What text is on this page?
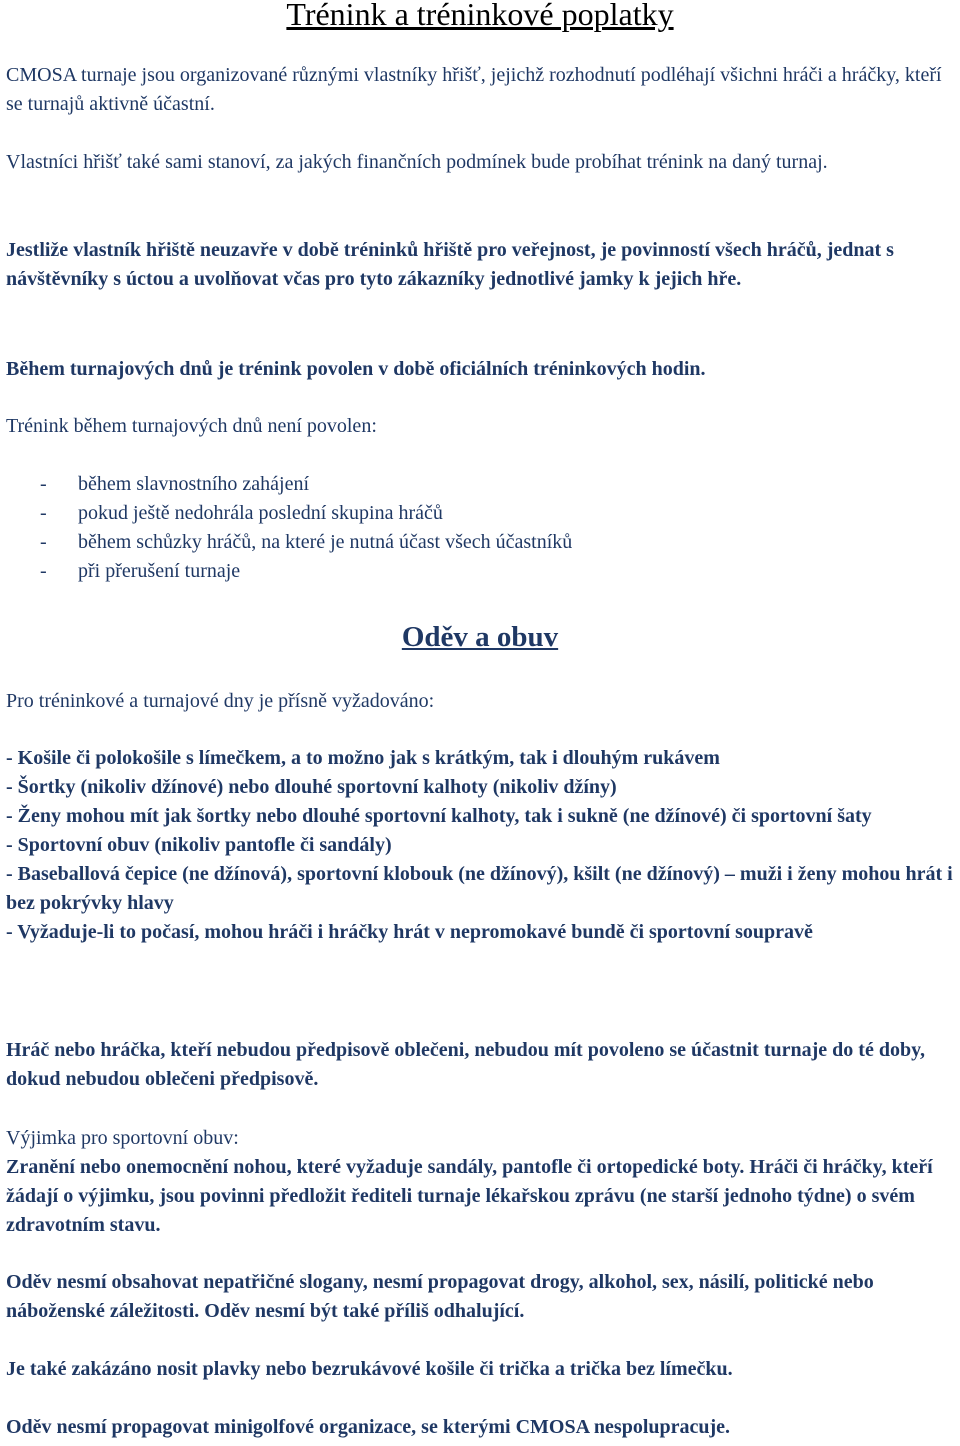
Trénink a tréninkové poplatky

CMOSA turnaje jsou organizované různými vlastníky hřišť, jejichž rozhodnutí podléhají všichni hráči a hráčky, kteří se turnajů aktivně účastní.

Vlastníci hřišť také sami stanoví, za jakých finančních podmínek bude probíhat trénink na daný turnaj.

Jestliže vlastník hřiště neuzavře v době tréninků hřiště pro veřejnost, je povinností všech hráčů, jednat s návštěvníky s úctou a uvolňovat včas pro tyto zákazníky jednotlivé jamky k jejich hře.

Během turnajových dnů je trénink povolen v době oficiálních tréninkových hodin.

Trénink během turnajových dnů není povolen:

- během slavnostního zahájení
- pokud ještě nedohrála poslední skupina hráčů
- během schůzky hráčů, na které je nutná účast všech účastníků
- při přerušení turnaje
Oděv a obuv

Pro tréninkové a turnajové dny je přísně vyžadováno:

- Košile či polokošile s límečkem, a to možno jak s krátkým, tak i dlouhým rukávem
- Šortky (nikoliv džínové) nebo dlouhé sportovní kalhoty (nikoliv džíny)
- Ženy mohou mít jak šortky nebo dlouhé sportovní kalhoty, tak i sukně (ne džínové) či sportovní šaty
- Sportovní obuv (nikoliv pantofle či sandály)
- Baseballová čepice (ne džínová), sportovní klobouk (ne džínový), kšilt (ne džínový) – muži i ženy mohou hrát i bez pokrývky hlavy
- Vyžaduje-li to počasí, mohou hráči i hráčky hrát v nepromokavé bundě či sportovní soupravě

Hráč nebo hráčka, kteří nebudou předpisově oblečeni, nebudou mít povoleno se účastnit turnaje do té doby, dokud nebudou oblečeni předpisově.

Výjimka pro sportovní obuv:

Zranění nebo onemocnění nohou, které vyžaduje sandály, pantofle či ortopedické boty. Hráči či hráčky, kteří žádají o výjimku, jsou povinni předložit řediteli turnaje lékařskou zprávu (ne starší jednoho týdne) o svém zdravotním stavu.

Oděv nesmí obsahovat nepatřičné slogany, nesmí propagovat drogy, alkohol, sex, násilí, politické nebo náboženské záležitosti. Oděv nesmí být také příliš odhalující.

Je také zakázáno nosit plavky nebo bezrukávové košile či trička a trička bez límečku.

Oděv nesmí propagovat minigolfové organizace, se kterými CMOSA nespolupracuje.
